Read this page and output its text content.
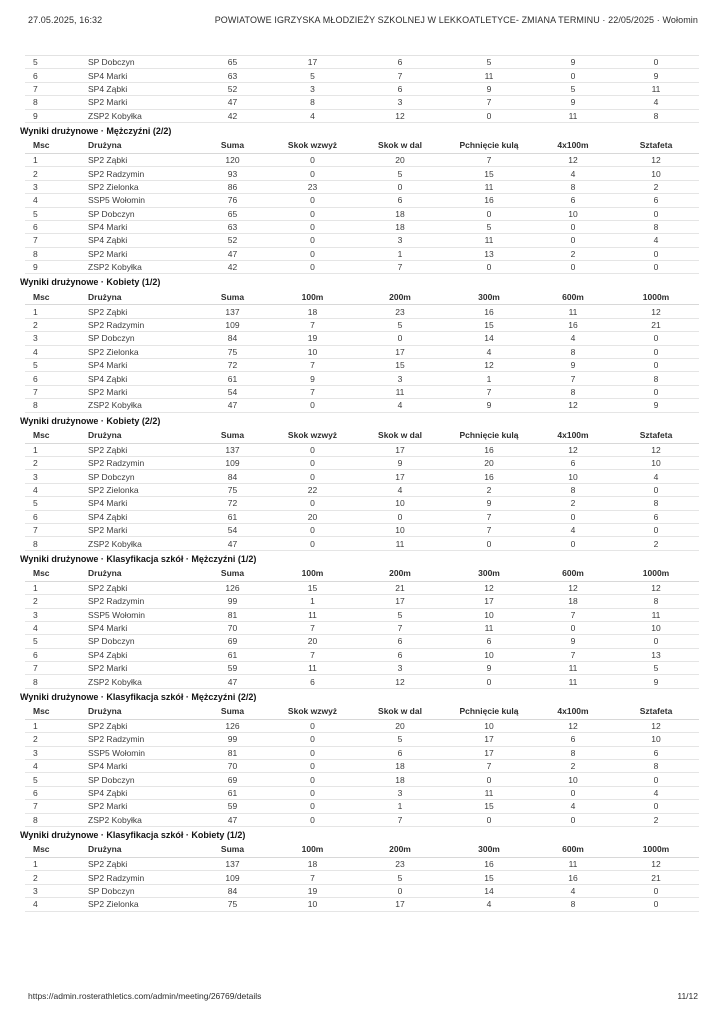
27.05.2025, 16:32	POWIATOWE IGRZYSKA MŁODZIEŻY SZKOLNEJ W LEKKOATLETYCE- ZMIANA TERMINU · 22/05/2025 · Wołomin
5	SP Dobczyn	65	17	6	5	9	0
6	SP4 Marki	63	5	7	11	0	9
7	SP4 Ząbki	52	3	6	9	5	11
8	SP2 Marki	47	8	3	7	9	4
9	ZSP2 Kobyłka	42	4	12	0	11	8
Wyniki drużynowe · Mężczyźni (2/2)
Msc	Drużyna	Suma	Skok wzwyż	Skok w dal	Pchnięcie kulą	4x100m	Sztafeta
1	SP2 Ząbki	120	0	20	7	12	12
2	SP2 Radzymin	93	0	5	15	4	10
3	SP2 Zielonka	86	23	0	11	8	2
4	SSP5 Wołomin	76	0	6	16	6	6
5	SP Dobczyn	65	0	18	0	10	0
6	SP4 Marki	63	0	18	5	0	8
7	SP4 Ząbki	52	0	3	11	0	4
8	SP2 Marki	47	0	1	13	2	0
9	ZSP2 Kobyłka	42	0	7	0	0	0
Wyniki drużynowe · Kobiety (1/2)
Msc	Drużyna	Suma	100m	200m	300m	600m	1000m
1	SP2 Ząbki	137	18	23	16	11	12
2	SP2 Radzymin	109	7	5	15	16	21
3	SP Dobczyn	84	19	0	14	4	0
4	SP2 Zielonka	75	10	17	4	8	0
5	SP4 Marki	72	7	15	12	9	0
6	SP4 Ząbki	61	9	3	1	7	8
7	SP2 Marki	54	7	11	7	8	0
8	ZSP2 Kobyłka	47	0	4	9	12	9
Wyniki drużynowe · Kobiety (2/2)
Msc	Drużyna	Suma	Skok wzwyż	Skok w dal	Pchnięcie kulą	4x100m	Sztafeta
1	SP2 Ząbki	137	0	17	16	12	12
2	SP2 Radzymin	109	0	9	20	6	10
3	SP Dobczyn	84	0	17	16	10	4
4	SP2 Zielonka	75	22	4	2	8	0
5	SP4 Marki	72	0	10	9	2	8
6	SP4 Ząbki	61	20	0	7	0	6
7	SP2 Marki	54	0	10	7	4	0
8	ZSP2 Kobyłka	47	0	11	0	0	2
Wyniki drużynowe · Klasyfikacja szkół · Mężczyźni (1/2)
Msc	Drużyna	Suma	100m	200m	300m	600m	1000m
1	SP2 Ząbki	126	15	21	12	12	12
2	SP2 Radzymin	99	1	17	17	18	8
3	SSP5 Wołomin	81	11	5	10	7	11
4	SP4 Marki	70	7	7	11	0	10
5	SP Dobczyn	69	20	6	6	9	0
6	SP4 Ząbki	61	7	6	10	7	13
7	SP2 Marki	59	11	3	9	11	5
8	ZSP2 Kobyłka	47	6	12	0	11	9
Wyniki drużynowe · Klasyfikacja szkół · Mężczyźni (2/2)
Msc	Drużyna	Suma	Skok wzwyż	Skok w dal	Pchnięcie kulą	4x100m	Sztafeta
1	SP2 Ząbki	126	0	20	10	12	12
2	SP2 Radzymin	99	0	5	17	6	10
3	SSP5 Wołomin	81	0	6	17	8	6
4	SP4 Marki	70	0	18	7	2	8
5	SP Dobczyn	69	0	18	0	10	0
6	SP4 Ząbki	61	0	3	11	0	4
7	SP2 Marki	59	0	1	15	4	0
8	ZSP2 Kobyłka	47	0	7	0	0	2
Wyniki drużynowe · Klasyfikacja szkół · Kobiety (1/2)
Msc	Drużyna	Suma	100m	200m	300m	600m	1000m
1	SP2 Ząbki	137	18	23	16	11	12
2	SP2 Radzymin	109	7	5	15	16	21
3	SP Dobczyn	84	19	0	14	4	0
4	SP2 Zielonka	75	10	17	4	8	0
https://admin.rosterathletics.com/admin/meeting/26769/details	11/12
